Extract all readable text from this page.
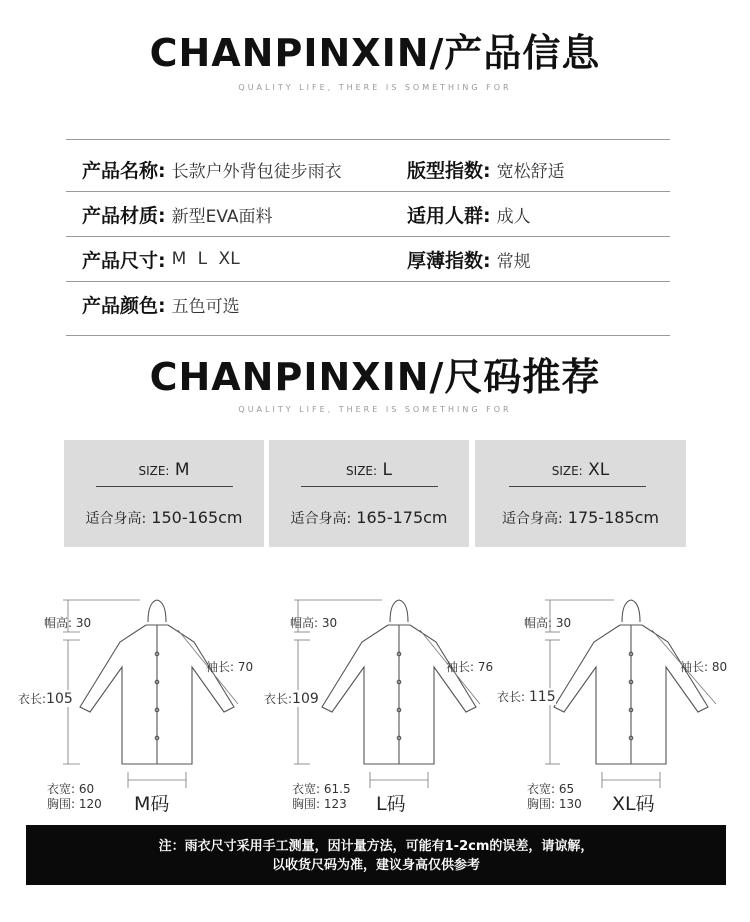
CHANPINXIN/产品信息
QUALITY LIFE, THERE IS SOMETHING FOR
产品名称: 长款户外背包徒步雨衣	版型指数: 宽松舒适
产品材质: 新型EVA面料	适用人群: 成人
产品尺寸: M L XL	厚薄指数: 常规
产品颜色: 五色可选
CHANPINXIN/尺码推荐
QUALITY LIFE, THERE IS SOMETHING FOR
SIZE: M
适合身高: 150-165cm
SIZE: L
适合身高: 165-175cm
SIZE: XL
适合身高: 175-185cm
帽高: 30
袖长: 70
衣长:105
衣宽: 60
胸围: 120 M码
帽高: 30
袖长: 76
衣长:109
衣宽: 61.5
胸围: 123 L码
帽高: 30
袖长: 80
衣长: 115
衣宽: 65
胸围: 130 XL码
注：雨衣尺寸采用手工测量，因计量方法，可能有1-2cm的误差，请谅解，
以收货尺码为准，建议身高仅供参考
